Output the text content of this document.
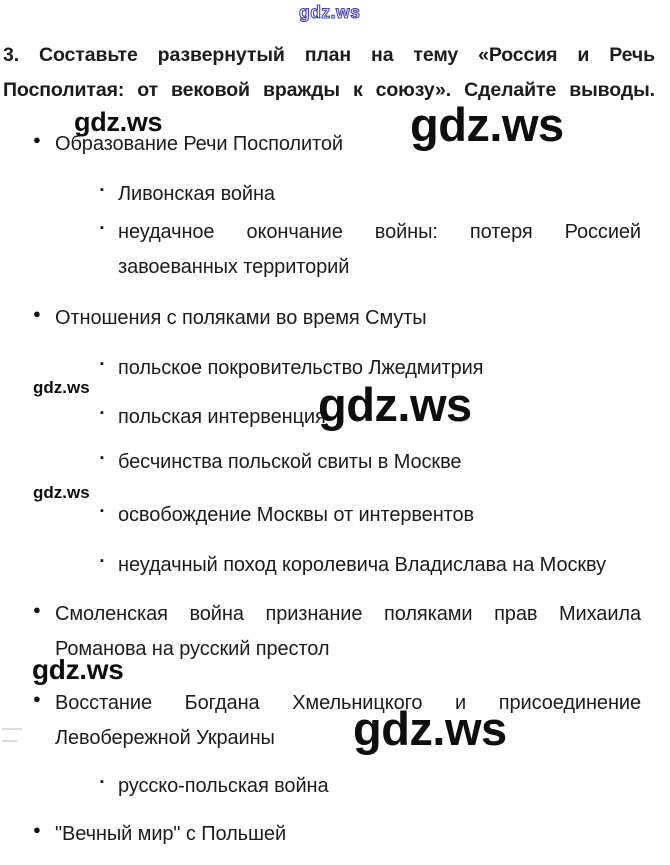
gdz.ws
gdz.ws	gdz.ws
gdz.ws	gdz.ws
gdz.ws
gdz.ws
gdz.ws
3. Составьте развернутый план на тему «Россия и Речь
Посполитая: от вековой вражды к союзу». Сделайте выводы.
● Образование Речи Посполитой
▪ Ливонская война
▪ неудачное окончание войны: потеря Россией
завоеванных территорий
● Отношения с поляками во время Смуты
▪ польское покровительство Лжедмитрия
▪ польская интервенция
▪ бесчинства польской свиты в Москве
▪ освобождение Москвы от интервентов
▪ неудачный поход королевича Владислава на Москву
● Смоленская война признание поляками прав Михаила
Романова на русский престол
● Восстание Богдана Хмельницкого и присоединение
Левобережной Украины
▪ русско-польская война
● "Вечный мир" с Польшей
